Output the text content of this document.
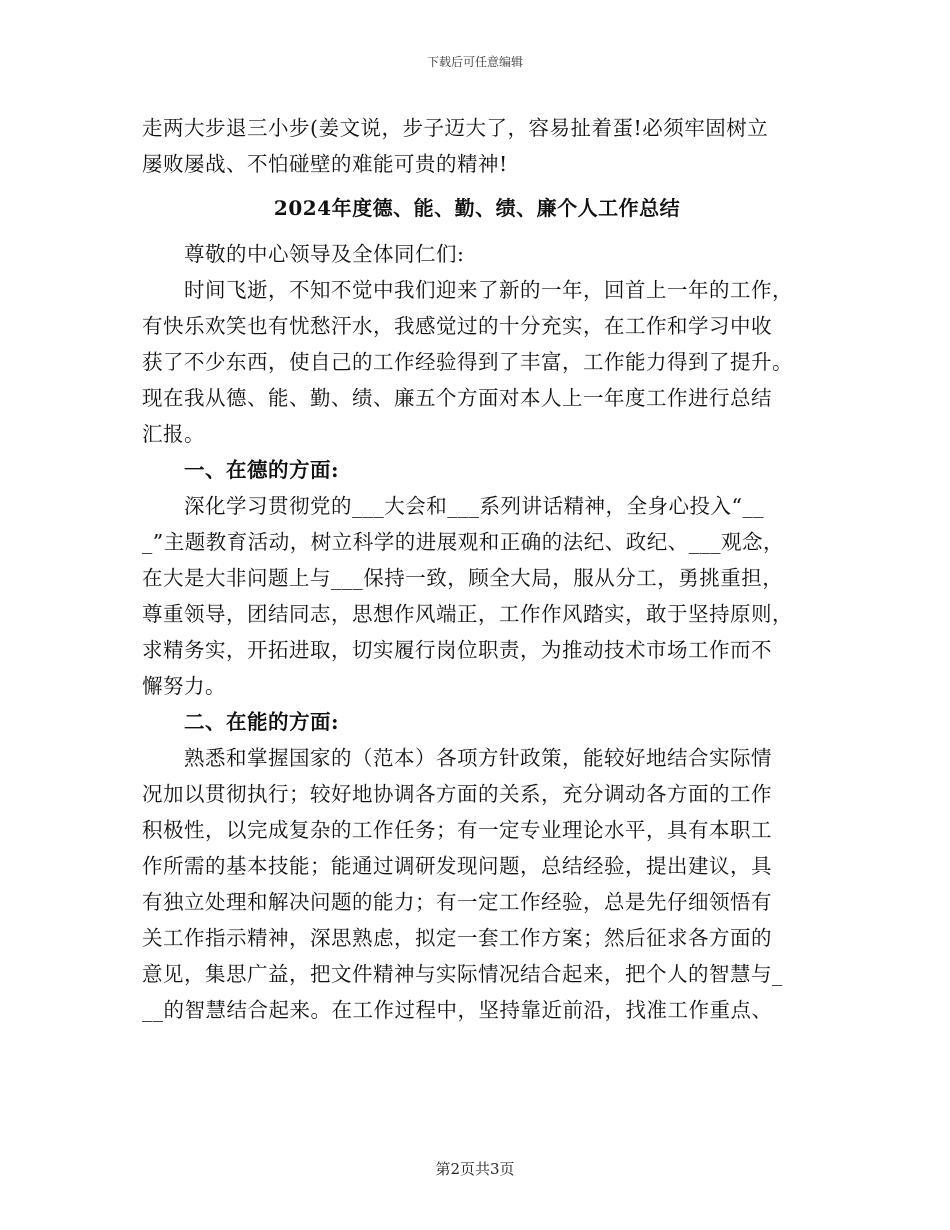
下载后可任意编辑
走两大步退三小步(姜文说，步子迈大了，容易扯着蛋!必须牢固树立
屡败屡战、不怕碰壁的难能可贵的精神!
2024年度德、能、勤、绩、廉个人工作总结
尊敬的中心领导及全体同仁们:
时间飞逝，不知不觉中我们迎来了新的一年，回首上一年的工作，
有快乐欢笑也有忧愁汗水，我感觉过的十分充实，在工作和学习中收
获了不少东西，使自己的工作经验得到了丰富，工作能力得到了提升。
现在我从德、能、勤、绩、廉五个方面对本人上一年度工作进行总结
汇报。
一、在德的方面:
深化学习贯彻党的___大会和___系列讲话精神，全身心投入“__
_”主题教育活动，树立科学的进展观和正确的法纪、政纪、___观念，
在大是大非问题上与___保持一致，顾全大局，服从分工，勇挑重担，
尊重领导，团结同志，思想作风端正，工作作风踏实，敢于坚持原则，
求精务实，开拓进取，切实履行岗位职责，为推动技术市场工作而不
懈努力。
二、在能的方面:
熟悉和掌握国家的（范本）各项方针政策，能较好地结合实际情
况加以贯彻执行；较好地协调各方面的关系，充分调动各方面的工作
积极性，以完成复杂的工作任务；有一定专业理论水平，具有本职工
作所需的基本技能；能通过调研发现问题，总结经验，提出建议，具
有独立处理和解决问题的能力；有一定工作经验，总是先仔细领悟有
关工作指示精神，深思熟虑，拟定一套工作方案；然后征求各方面的
意见，集思广益，把文件精神与实际情况结合起来，把个人的智慧与_
__的智慧结合起来。在工作过程中，坚持靠近前沿，找准工作重点、
第2页共3页
